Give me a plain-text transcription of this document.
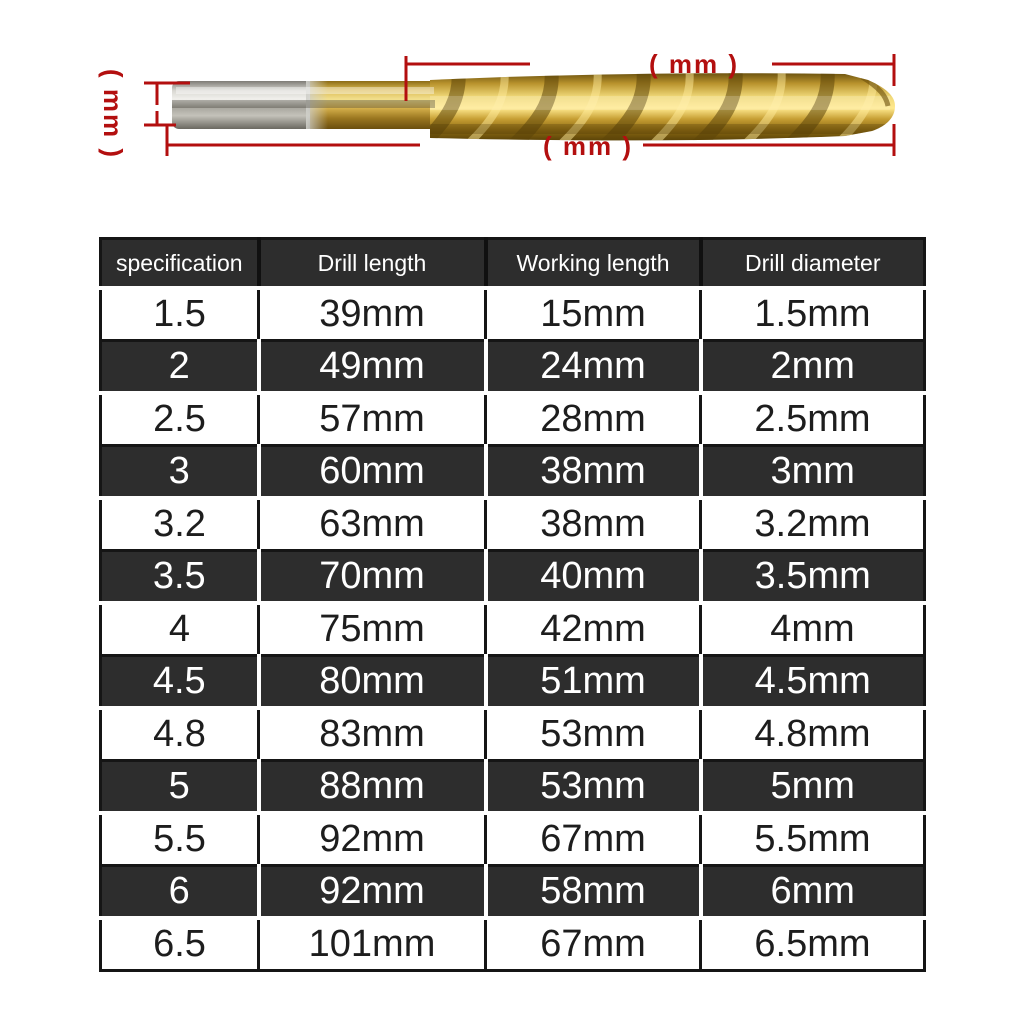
( mm )	( mm )
( mm )
specification	Drill length	Working length	Drill diameter
1.5	39mm	15mm	1.5mm
2	49mm	24mm	2mm
2.5	57mm	28mm	2.5mm
3	60mm	38mm	3mm
3.2	63mm	38mm	3.2mm
3.5	70mm	40mm	3.5mm
4	75mm	42mm	4mm
4.5	80mm	51mm	4.5mm
4.8	83mm	53mm	4.8mm
5	88mm	53mm	5mm
5.5	92mm	67mm	5.5mm
6	92mm	58mm	6mm
6.5	101mm	67mm	6.5mm
